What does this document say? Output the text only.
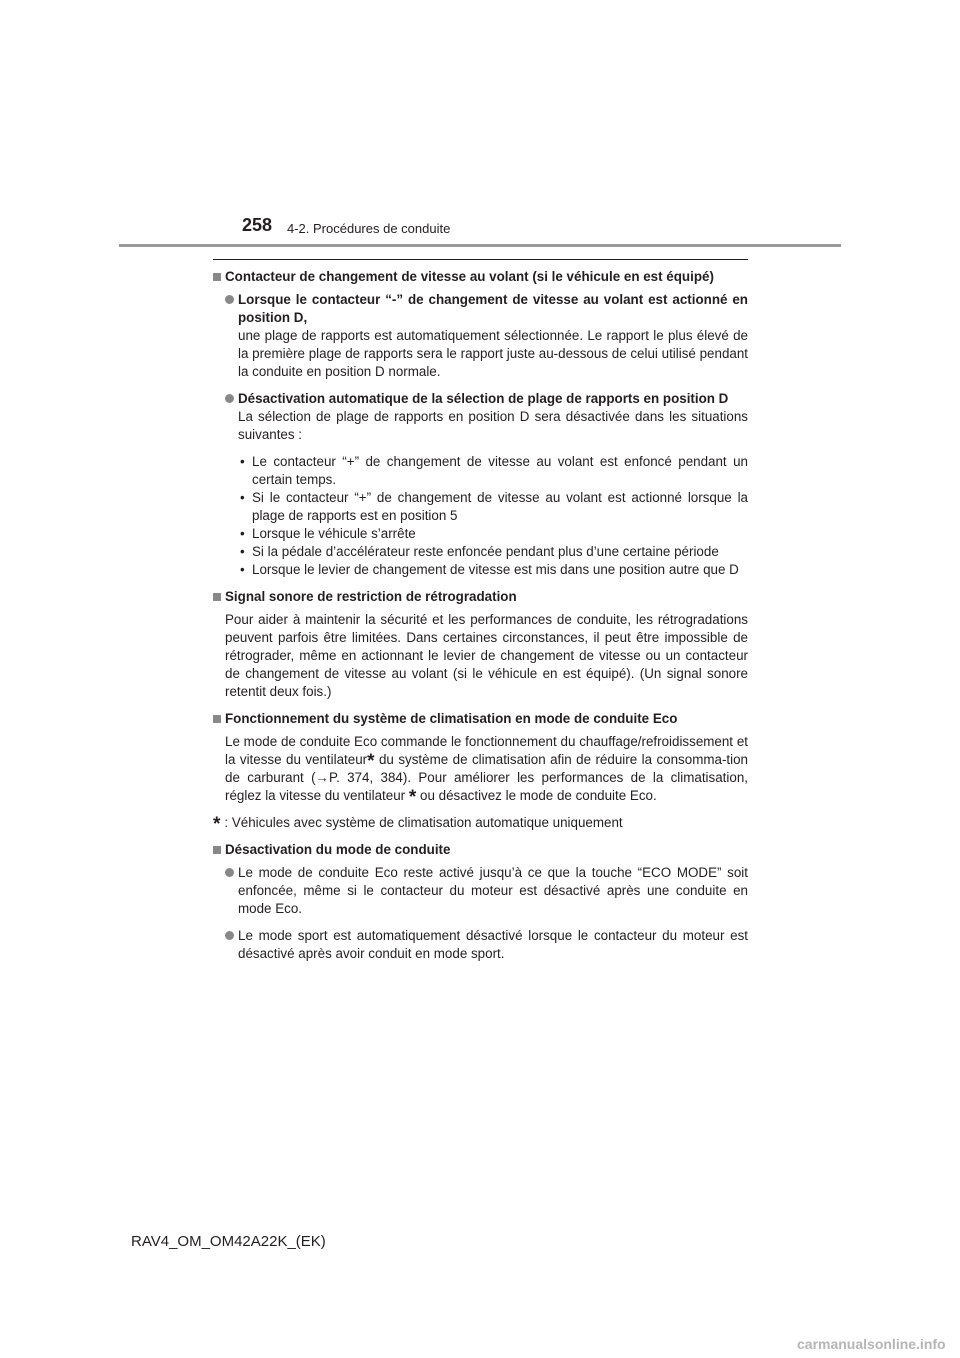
258 4-2. Procédures de conduite
Contacteur de changement de vitesse au volant (si le véhicule en est équipé)
Lorsque le contacteur “-” de changement de vitesse au volant est actionné en position D,
une plage de rapports est automatiquement sélectionnée. Le rapport le plus élevé de la première plage de rapports sera le rapport juste au-dessous de celui utilisé pendant la conduite en position D normale.
Désactivation automatique de la sélection de plage de rapports en position D
La sélection de plage de rapports en position D sera désactivée dans les situations suivantes :
• Le contacteur “+” de changement de vitesse au volant est enfoncé pendant un certain temps.
• Si le contacteur “+” de changement de vitesse au volant est actionné lorsque la plage de rapports est en position 5
• Lorsque le véhicule s’arrête
• Si la pédale d’accélérateur reste enfoncée pendant plus d’une certaine période
• Lorsque le levier de changement de vitesse est mis dans une position autre que D
Signal sonore de restriction de rétrogradation
Pour aider à maintenir la sécurité et les performances de conduite, les rétrogradations peuvent parfois être limitées. Dans certaines circonstances, il peut être impossible de rétrograder, même en actionnant le levier de changement de vitesse ou un contacteur de changement de vitesse au volant (si le véhicule en est équipé). (Un signal sonore retentit deux fois.)
Fonctionnement du système de climatisation en mode de conduite Eco
Le mode de conduite Eco commande le fonctionnement du chauffage/refroidissement et la vitesse du ventilateur* du système de climatisation afin de réduire la consomma-tion de carburant (→P. 374, 384). Pour améliorer les performances de la climatisation, réglez la vitesse du ventilateur * ou désactivez le mode de conduite Eco.
* : Véhicules avec système de climatisation automatique uniquement
Désactivation du mode de conduite
Le mode de conduite Eco reste activé jusqu’à ce que la touche “ECO MODE” soit enfoncée, même si le contacteur du moteur est désactivé après une conduite en mode Eco.
Le mode sport est automatiquement désactivé lorsque le contacteur du moteur est désactivé après avoir conduit en mode sport.
RAV4_OM_OM42A22K_(EK)
carmanualsonline.info
